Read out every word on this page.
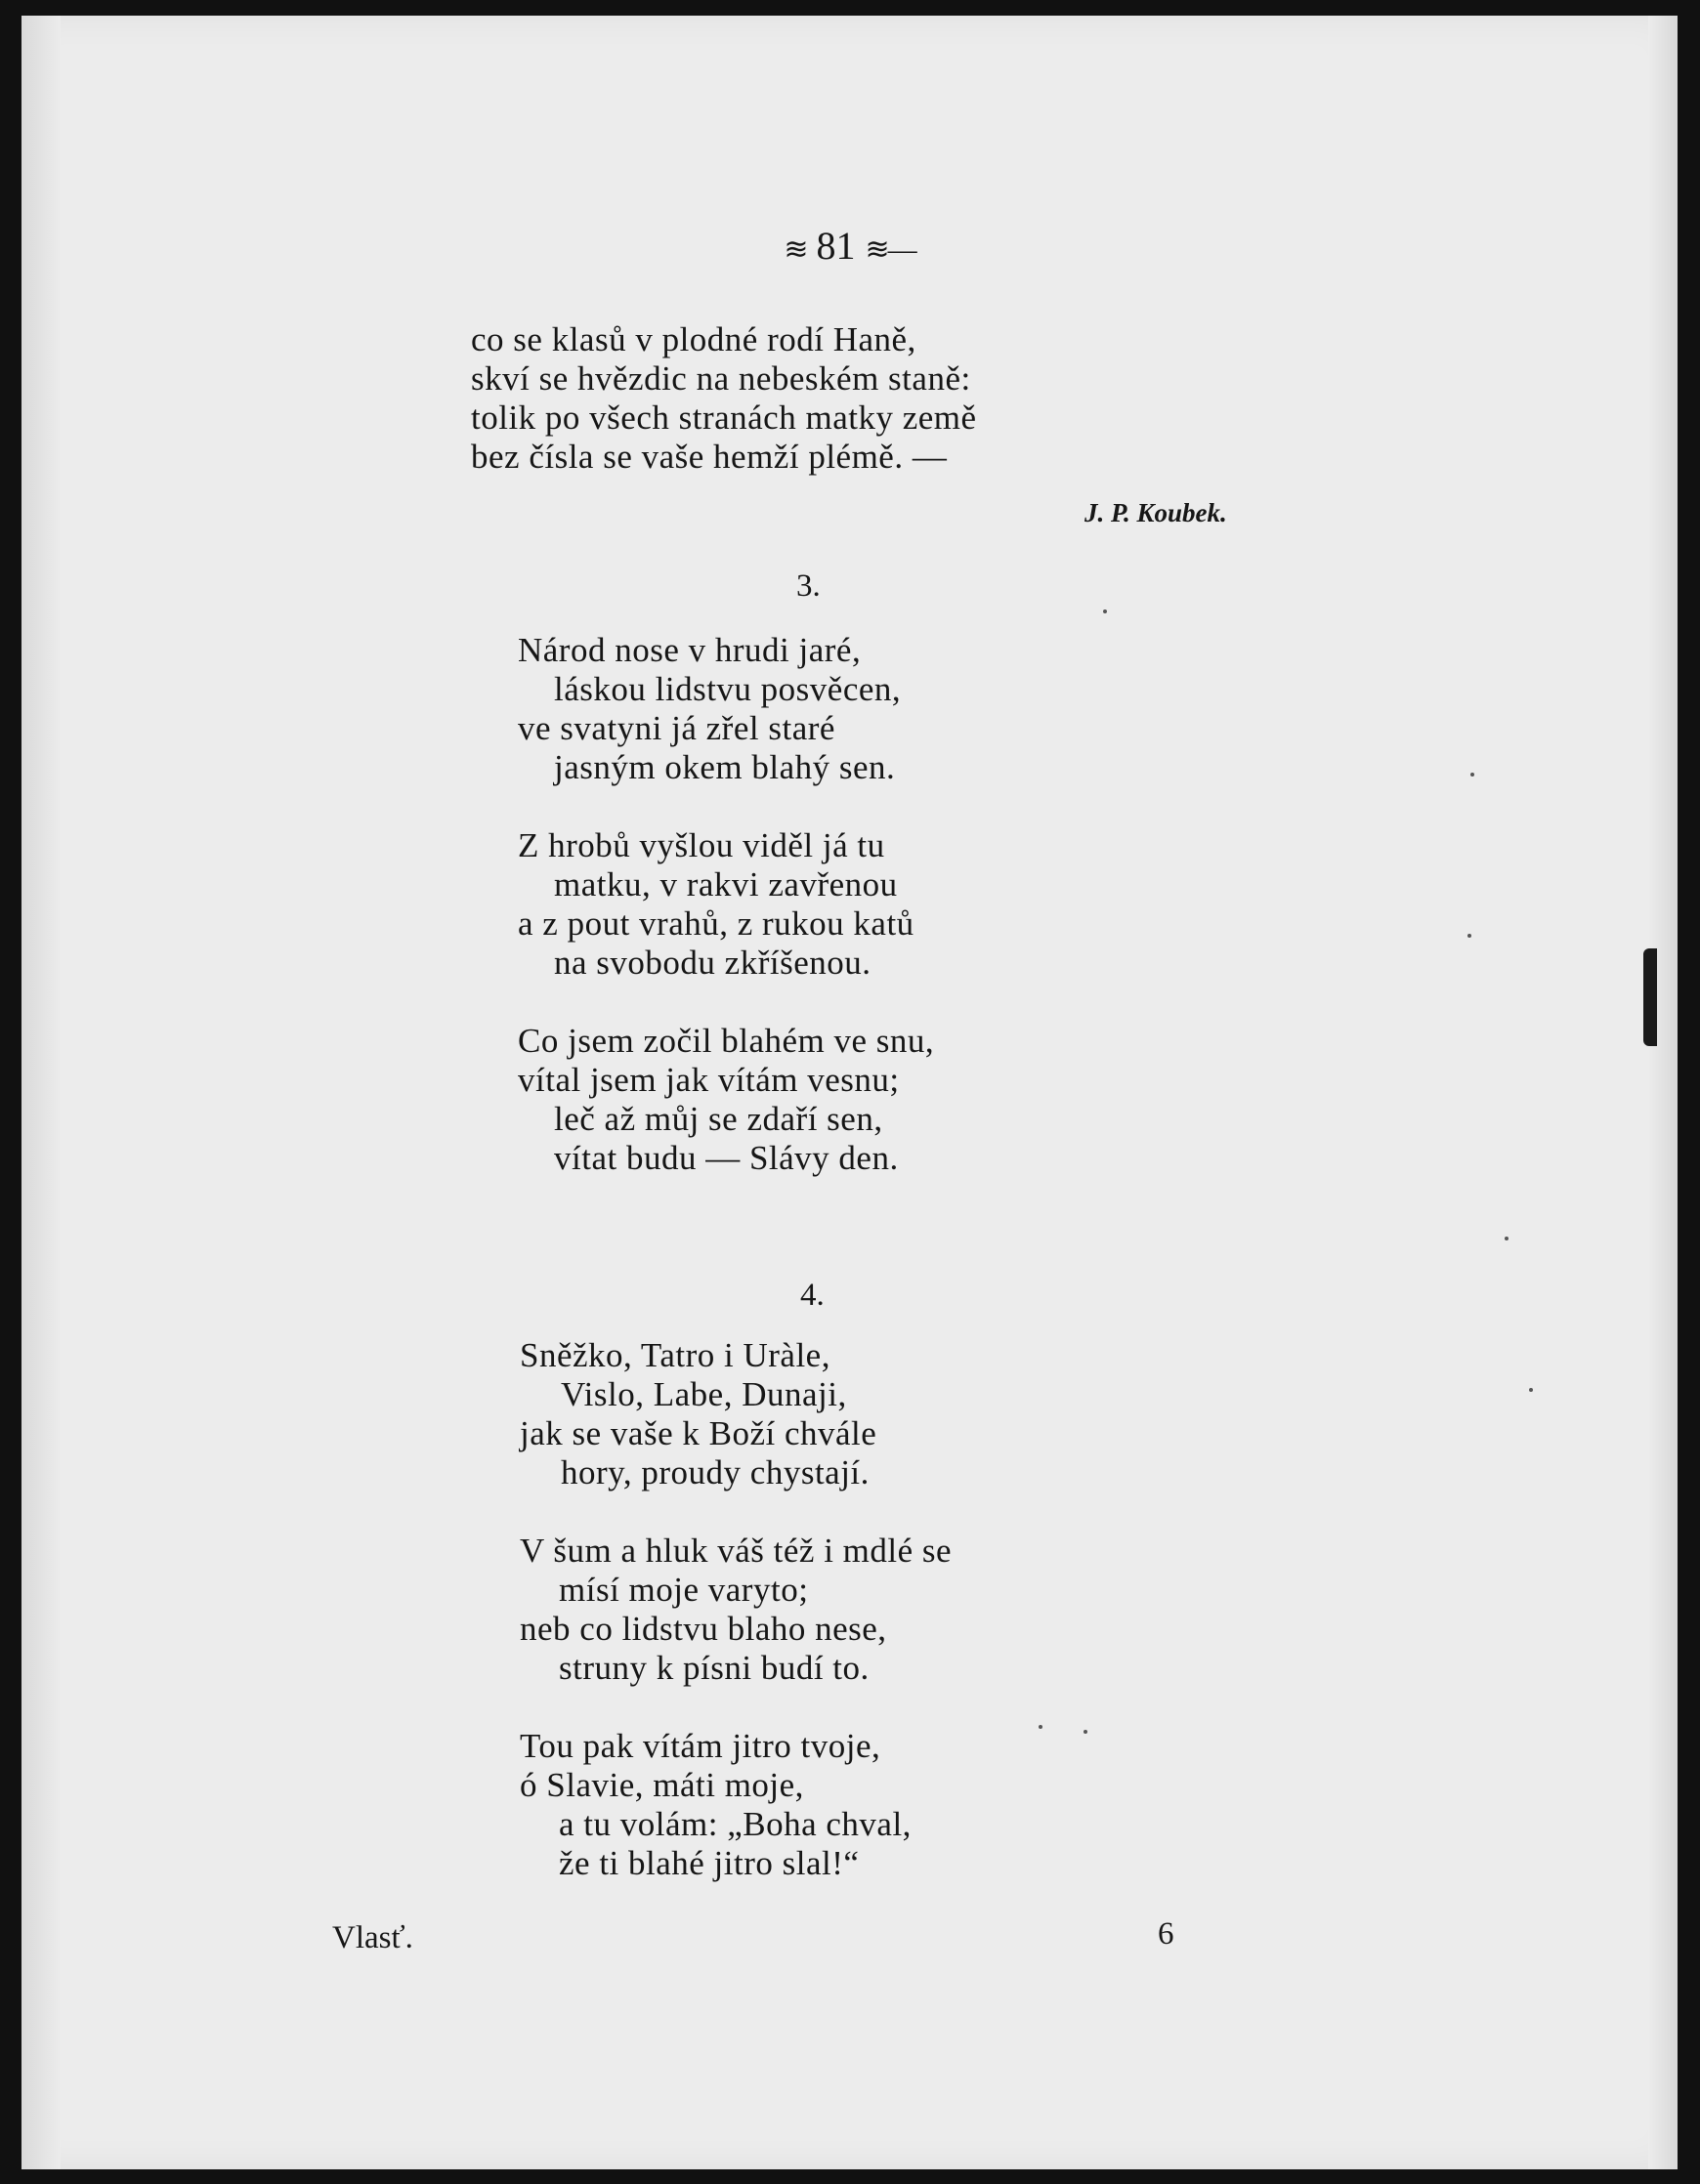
≋ 81 ≋—
co se klasů v plodné rodí Haně,
skví se hvězdic na nebeském staně:
tolik po všech stranách matky země
bez čísla se vaše hemží plémě. —
J. P. Koubek.
3.
Národ nose v hrudi jaré,
láskou lidstvu posvěcen,
ve svatyni já zřel staré
jasným okem blahý sen.
Z hrobů vyšlou viděl já tu
matku, v rakvi zavřenou
a z pout vrahů, z rukou katů
na svobodu zkříšenou.
Co jsem zočil blahém ve snu,
vítal jsem jak vítám vesnu;
leč až můj se zdaří sen,
vítat budu — Slávy den.
4.
Sněžko, Tatro i Uràle,
Vislo, Labe, Dunaji,
jak se vaše k Boží chvále
hory, proudy chystají.
V šum a hluk váš též i mdlé se
mísí moje varyto;
neb co lidstvu blaho nese,
struny k písni budí to.
Tou pak vítám jitro tvoje,
ó Slavie, máti moje,
a tu volám: „Boha chval,
že ti blahé jitro slal!“
Vlasť.	6
